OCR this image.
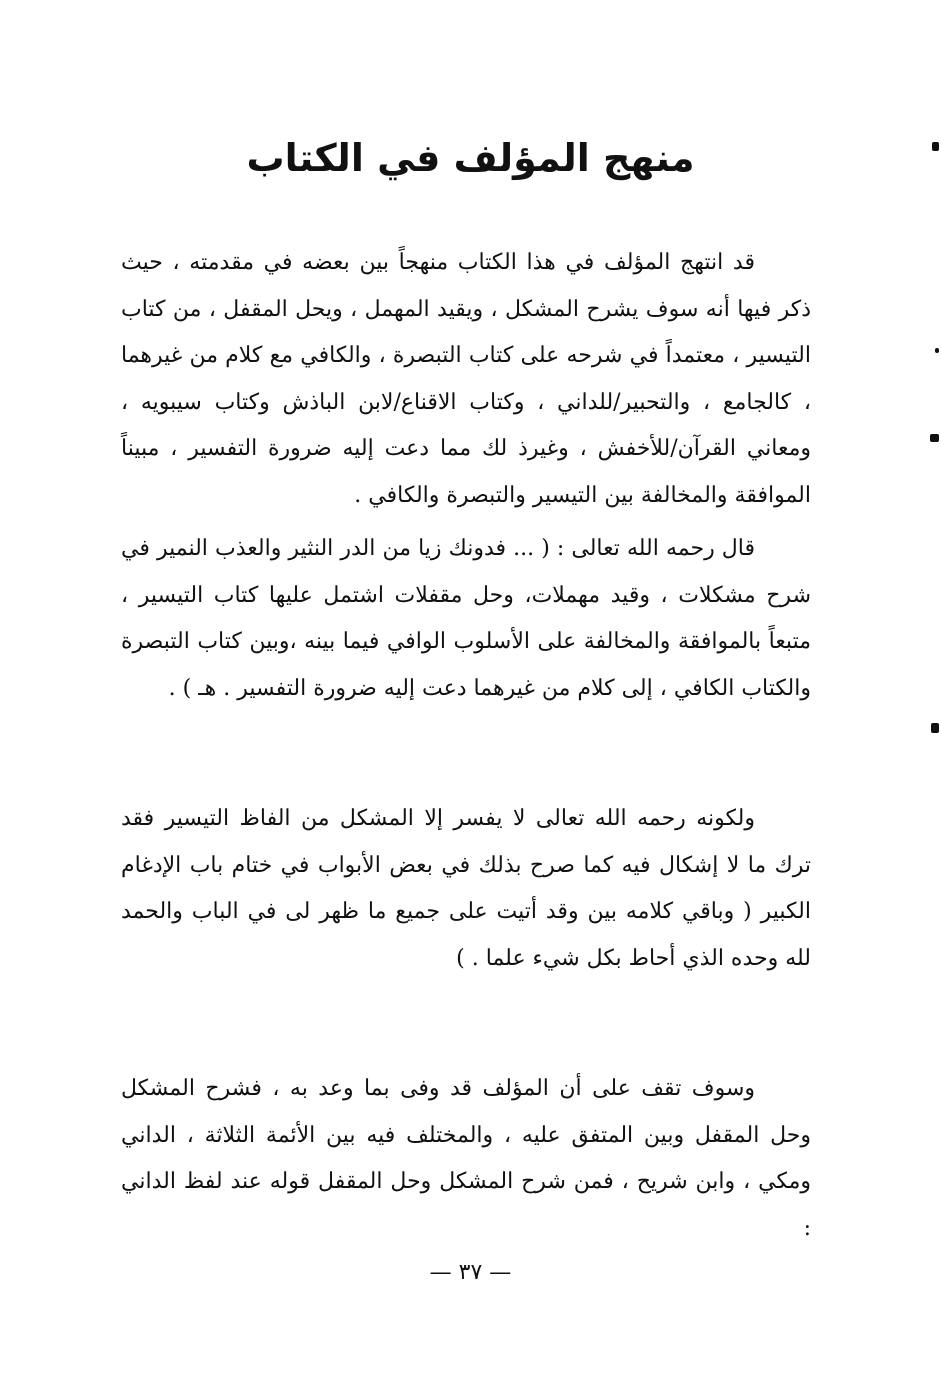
منهج المؤلف في الكتاب

قد انتهج المؤلف في هذا الكتاب منهجاً بين بعضه في مقدمته ، حيث ذكر فيها أنه سوف يشرح المشكل ، ويقيد المهمل ، ويحل المقفل ، من كتاب التيسير ، معتمداً في شرحه على كتاب التبصرة ، والكافي مع كلام من غيرهما ، كالجامع ، والتحبير/للداني ، وكتاب الاقناع/لابن الباذش وكتاب سيبويه ، ومعاني القرآن/للأخفش ، وغيرذ لك مما دعت إليه ضرورة التفسير ، مبيناً الموافقة والمخالفة بين التيسير والتبصرة والكافي .

قال رحمه الله تعالى : ( ... فدونك زيا من الدر النثير والعذب النمير في شرح مشكلات ، وقيد مهملات، وحل مقفلات اشتمل عليها كتاب التيسير ، متبعاً بالموافقة والمخالفة على الأسلوب الوافي فيما بينه ،وبين كتاب التبصرة والكتاب الكافي ، إلى كلام من غيرهما دعت إليه ضرورة التفسير . هـ ) .

ولكونه رحمه الله تعالى لا يفسر إلا المشكل من الفاظ التيسير فقد ترك ما لا إشكال فيه كما صرح بذلك في بعض الأبواب في ختام باب الإدغام الكبير ( وباقي كلامه بين وقد أتيت على جميع ما ظهر لى في الباب والحمد لله وحده الذي أحاط بكل شيء علما . )

وسوف تقف على أن المؤلف قد وفى بما وعد به ، فشرح المشكل وحل المقفل وبين المتفق عليه ، والمختلف فيه بين الأئمة الثلاثة ، الداني ومكي ، وابن شريح ، فمن شرح المشكل وحل المقفل قوله عند لفظ الداني :

— ٣٧ —
